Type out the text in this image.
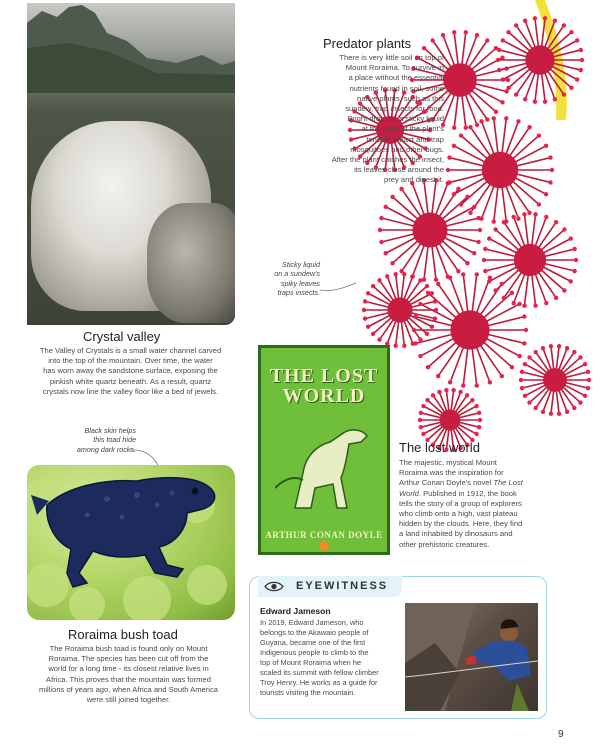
Predator plants
There is very little soil on top of
Mount Roraima. To survive in
a place without the essential
nutrients found in soil, some
native plants, such as this
sundew, trap insects for food.
Bright drops of a sticky liquid
at the ends of the plant's
tendrils attract and trap
mosquitoes and other bugs.
After the plant catches the insect,
its leaves close around the
prey and digest it.
Sticky liquid
on a sundew's
spiky leaves
traps insects.
Crystal valley
The Valley of Crystals is a small water channel carved
into the top of the mountain. Over time, the water
has worn away the sandstone surface, exposing the
pinkish white quartz beneath. As a result, quartz
crystals now line the valley floor like a bed of jewels.
THE LOST WORLD
ARTHUR CONAN DOYLE
The lost world
The majestic, mystical Mount
Roraima was the inspiration for
Arthur Conan Doyle's novel The Lost
World. Published in 1912, the book
tells the story of a group of explorers
who climb onto a high, vast plateau
hidden by the clouds. Here, they find
a land inhabited by dinosaurs and
other prehistoric creatures.
Black skin helps
this toad hide
among dark rocks.
Roraima bush toad
The Roraima bush toad is found only on Mount
Roraima. The species has been cut off from the
world for a long time - its closest relative lives in
Africa. This proves that the mountain was formed
millions of years ago, when Africa and South America
were still joined together.
EYEWITNESS
Edward Jameson
In 2019, Edward Jameson, who
belongs to the Akawaio people of
Guyana, became one of the first
Indigenous people to climb to the
top of Mount Roraima when he
scaled its summit with fellow climber
Troy Henry. He works as a guide for
tourists visiting the mountain.
9
